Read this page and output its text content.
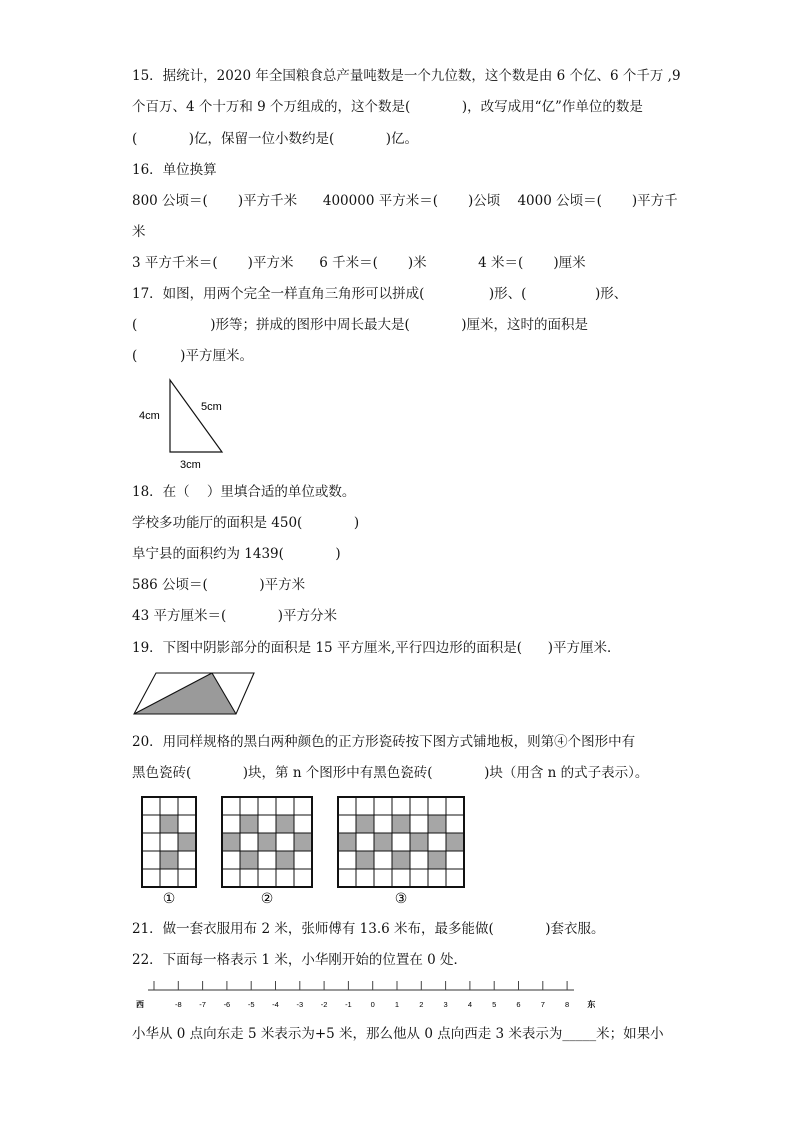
15．据统计，2020 年全国粮食总产量吨数是一个九位数，这个数是由 6 个亿、6 个千万 ,9
个百万、4 个十万和 9 个万组成的，这个数是(            )，改写成用“亿”作单位的数是
(            )亿，保留一位小数约是(            )亿。
16．单位换算
800 公顷＝(       )平方千米      400000 平方米＝(       )公顷    4000 公顷＝(       )平方千
米
3 平方千米＝(       )平方米      6 千米＝(       )米            4 米＝(       )厘米
17．如图，用两个完全一样直角三角形可以拼成(               )形、(                )形、
(                 )形等；拼成的图形中周长最大是(            )厘米，这时的面积是
(          )平方厘米。
4cm
5cm
3cm
18．在（    ）里填合适的单位或数。
学校多功能厅的面积是 450(            )
阜宁县的面积约为 1439(            )
586 公顷＝(            )平方米
43 平方厘米＝(            )平方分米
19．下图中阴影部分的面积是 15 平方厘米,平行四边形的面积是(      )平方厘米．
20．用同样规格的黑白两种颜色的正方形瓷砖按下图方式铺地板，则第④个图形中有
黑色瓷砖(            )块，第 n 个图形中有黑色瓷砖(            )块（用含 n 的式子表示）。
①	②	③
21．做一套衣服用布 2 米，张师傅有 13.6 米布，最多能做(            )套衣服。
22．下面每一格表示 1 米，小华刚开始的位置在 0 处．
-8 -7 -6 -5 -4 -3 -2 -1	0	1	2	3	4	5	6	7	8
西	东
小华从 0 点向东走 5 米表示为+5 米，那么他从 0 点向西走 3 米表示为_____米；如果小
